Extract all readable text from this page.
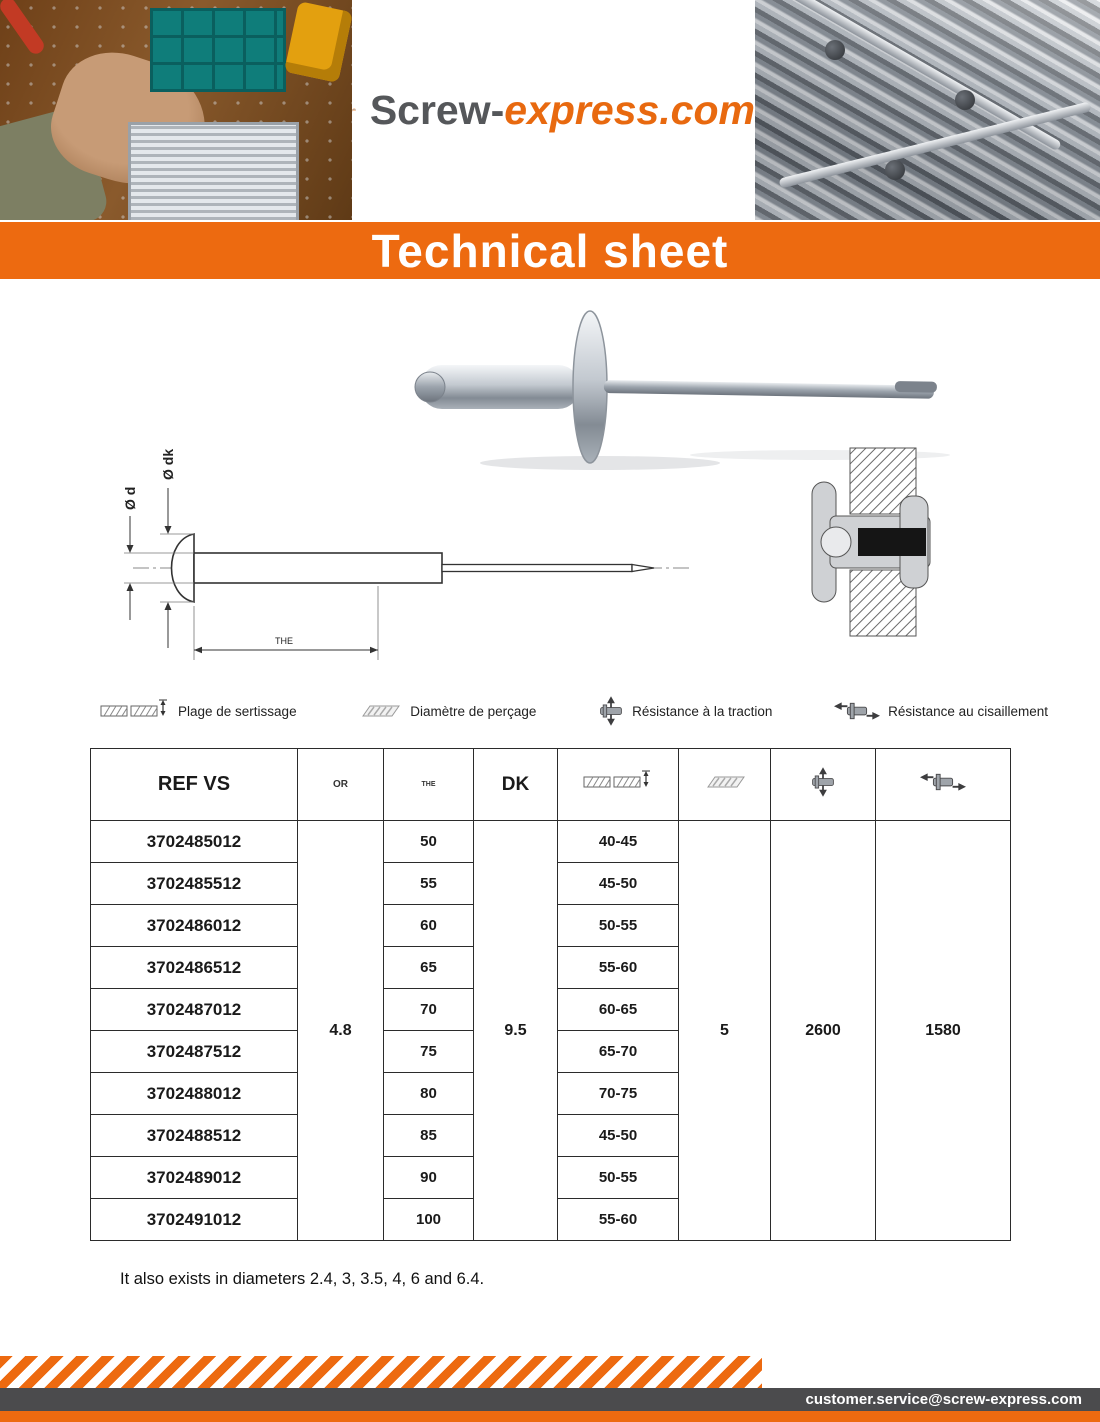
Screw-express.com
Technical sheet
Ø d
Ø dk
THE
Plage de sertissage	Diamètre de perçage	Résistance à la traction	Résistance au cisaillement
REF VS	OR	THE	DK				
3702485012	4.8	50	9.5	40-45	5	2600	1580
3702485512		55		45-50			
3702486012		60		50-55			
3702486512		65		55-60			
3702487012		70		60-65			
3702487512		75		65-70			
3702488012		80		70-75			
3702488512		85		45-50			
3702489012		90		50-55			
3702491012		100		55-60			
It also exists in diameters 2.4, 3, 3.5, 4, 6 and 6.4.
customer.service@screw-express.com
